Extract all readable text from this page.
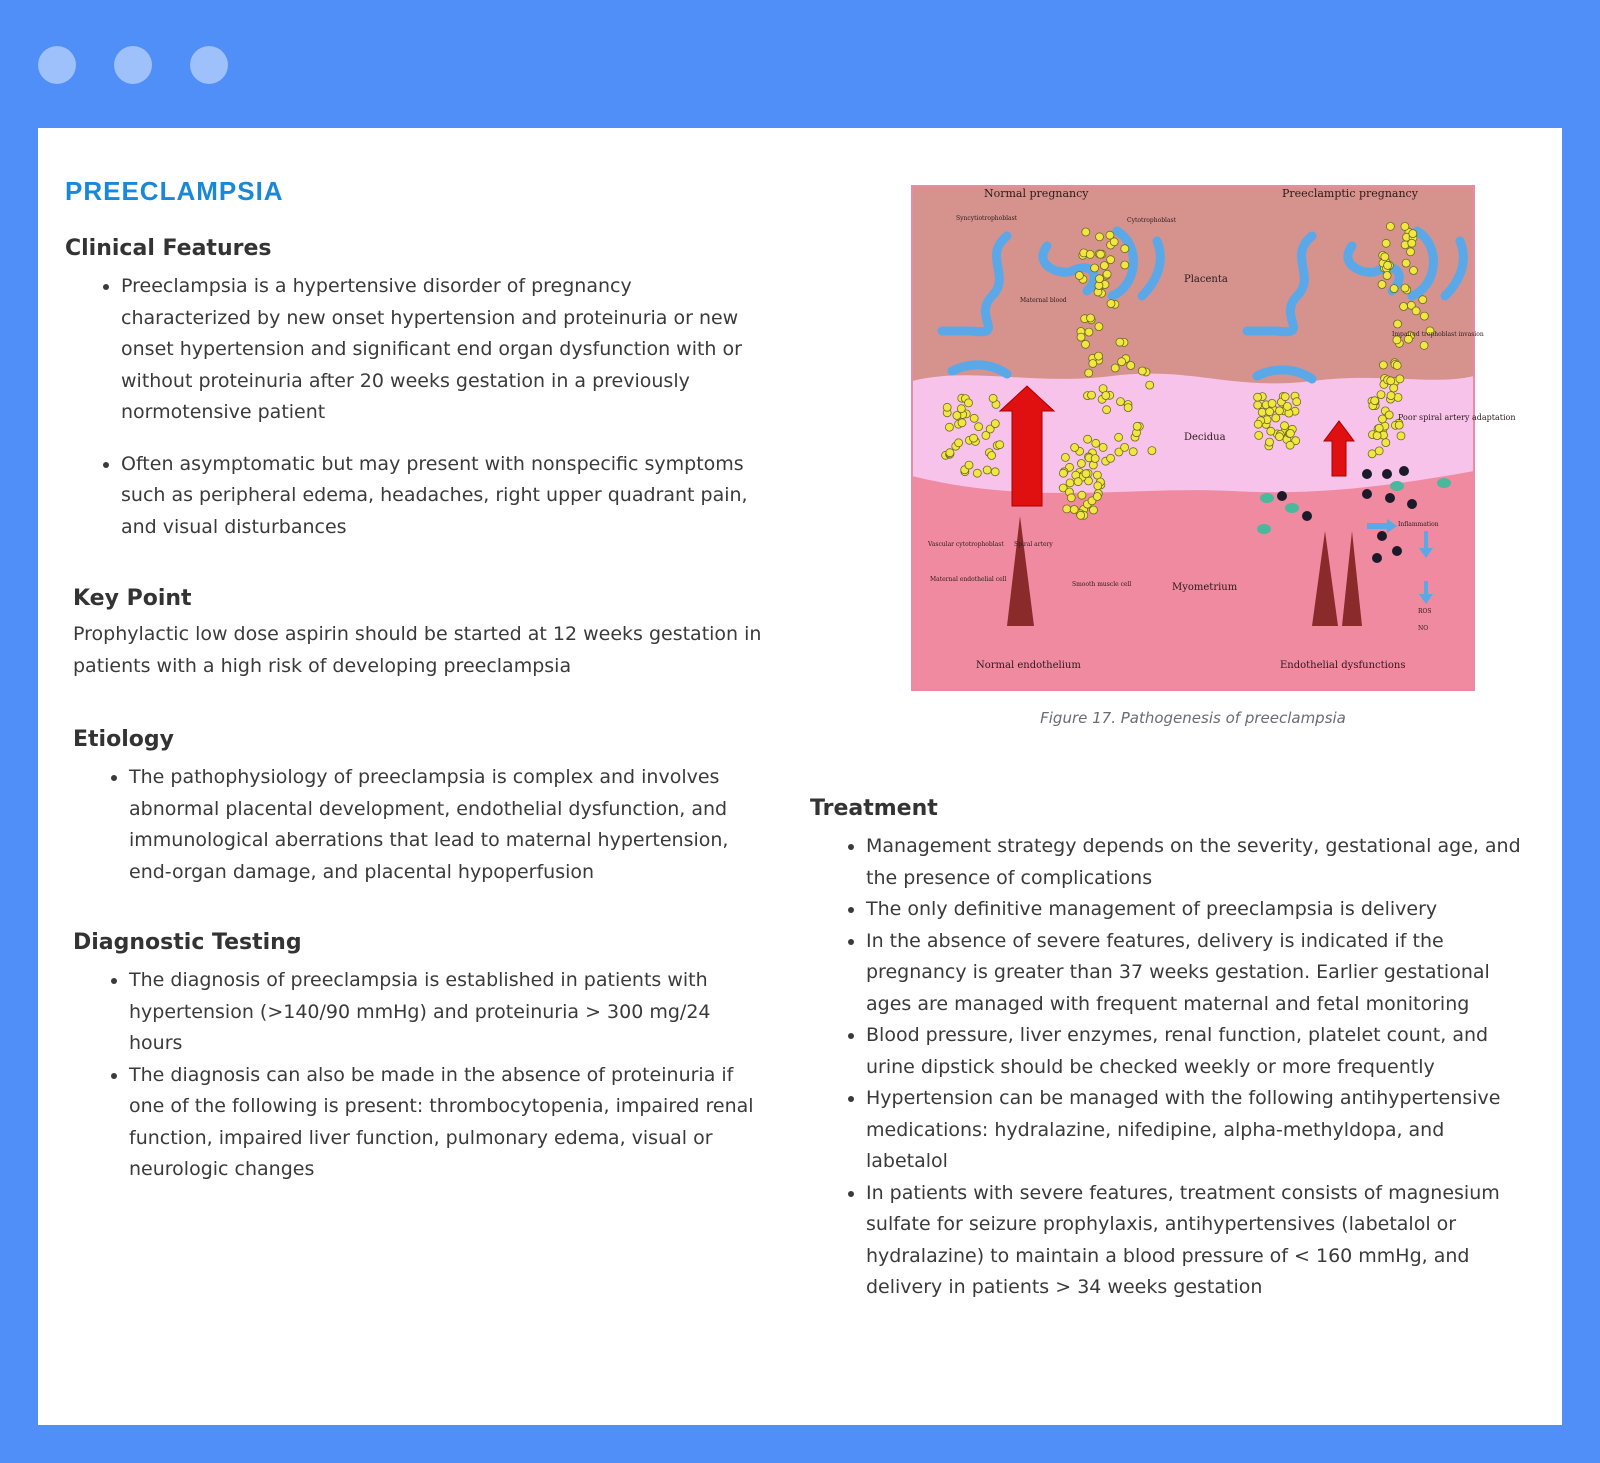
PREECLAMPSIA
Clinical Features
• Preeclampsia is a hypertensive disorder of pregnancy characterized by new onset hypertension and proteinuria or new onset hypertension and significant end organ dysfunction with or without proteinuria after 20 weeks gestation in a previously normotensive patient
• Often asymptomatic but may present with nonspecific symptoms such as peripheral edema, headaches, right upper quadrant pain, and visual disturbances
Key Point

Prophylactic low dose aspirin should be started at 12 weeks gestation in patients with a high risk of developing preeclampsia

Etiology
• The pathophysiology of preeclampsia is complex and involves abnormal placental development, endothelial dysfunction, and immunological aberrations that lead to maternal hypertension, end-organ damage, and placental hypoperfusion
Diagnostic Testing
• The diagnosis of preeclampsia is established in patients with hypertension (>140/90 mmHg) and proteinuria > 300 mg/24 hours
• The diagnosis can also be made in the absence of proteinuria if one of the following is present: thrombocytopenia, impaired renal function, impaired liver function, pulmonary edema, visual or neurologic changes
Normal pregnancy	Preeclamptic pregnancy
Placenta
Decidua
Myometrium
Normal endothelium	Endothelial dysfunctions
Syncytiotrophoblast	Cytotrophoblast
Maternal blood
Spiral artery
Smooth muscle cell
Vascular cytotrophoblast
Maternal endothelial cell
Impaired trophoblast invasion
Poor spiral artery adaptation
Inflammation
ROS
NO
Figure 17. Pathogenesis of preeclampsia
Treatment
• Management strategy depends on the severity, gestational age, and the presence of complications
• The only definitive management of preeclampsia is delivery
• In the absence of severe features, delivery is indicated if the pregnancy is greater than 37 weeks gestation. Earlier gestational ages are managed with frequent maternal and fetal monitoring
• Blood pressure, liver enzymes, renal function, platelet count, and urine dipstick should be checked weekly or more frequently
• Hypertension can be managed with the following antihypertensive medications: hydralazine, nifedipine, alpha-methyldopa, and labetalol
• In patients with severe features, treatment consists of magnesium sulfate for seizure prophylaxis, antihypertensives (labetalol or hydralazine) to maintain a blood pressure of < 160 mmHg, and delivery in patients > 34 weeks gestation
